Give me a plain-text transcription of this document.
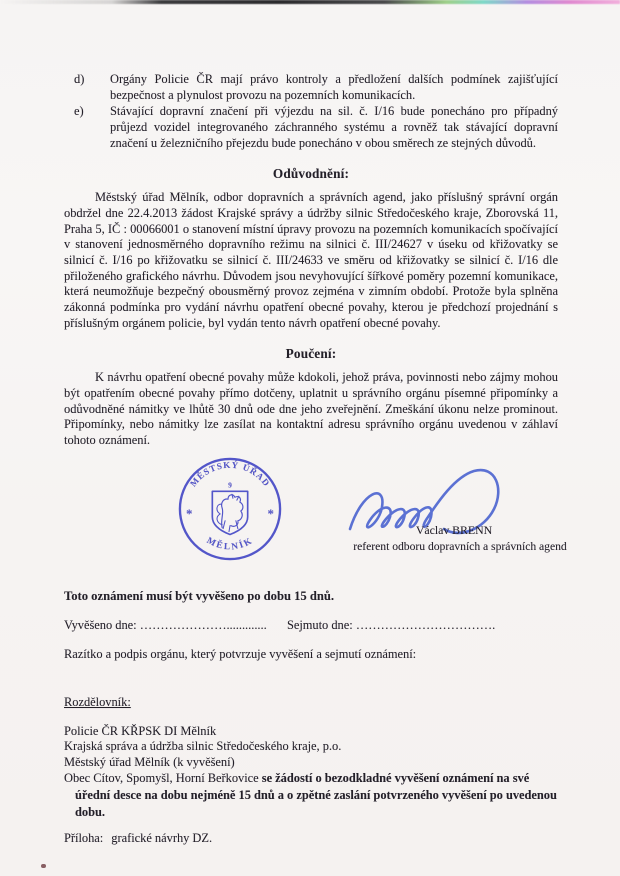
d) Orgány Policie ČR mají právo kontroly a předložení dalších podmínek zajišťující bezpečnost a plynulost provozu na pozemních komunikacích.
e) Stávající dopravní značení při výjezdu na sil. č. I/16 bude ponecháno pro případný průjezd vozidel integrovaného záchranného systému a rovněž tak stávající dopravní značení u železničního přejezdu bude ponecháno v obou směrech ze stejných důvodů.
Odůvodnění:

Městský úřad Mělník, odbor dopravních a správních agend, jako příslušný správní orgán obdržel dne 22.4.2013 žádost Krajské správy a údržby silnic Středočeského kraje, Zborovská 11, Praha 5, IČ : 00066001 o stanovení místní úpravy provozu na pozemních komunikacích spočívající v stanovení jednosměrného dopravního režimu na silnici č. III/24627 v úseku od křižovatky se silnicí č. I/16 po křižovatku se silnicí č. III/24633 ve směru od křižovatky se silnicí č. I/16 dle přiloženého grafického návrhu. Důvodem jsou nevyhovující šířkové poměry pozemní komunikace, která neumožňuje bezpečný obousměrný provoz zejména v zimním období. Protože byla splněna zákonná podmínka pro vydání návrhu opatření obecné povahy, kterou je předchozí projednání s příslušným orgánem policie, byl vydán tento návrh opatření obecné povahy.

Poučení:

K návrhu opatření obecné povahy může kdokoli, jehož práva, povinnosti nebo zájmy mohou být opatřením obecné povahy přímo dotčeny, uplatnit u správního orgánu písemné připomínky a odůvodněné námitky ve lhůtě 30 dnů ode dne jeho zveřejnění. Zmeškání úkonu nelze prominout. Připomínky, nebo námitky lze zasílat na kontaktní adresu správního orgánu uvedenou v záhlaví tohoto oznámení.

MĚSTSKÝ ÚŘAD
MĚLNÍK
9
*	*
Václav BRENN
referent odboru dopravních a správních agend

Toto oznámení musí být vyvěšeno po dobu 15 dnů.

Vyvěšeno dne: …………………............. Sejmuto dne: …………………………….

Razítko a podpis orgánu, který potvrzuje vyvěšení a sejmutí oznámení:

Rozdělovník:

Policie ČR KŘPSK DI Mělník

Krajská správa a údržba silnic Středočeského kraje, p.o.

Městský úřad Mělník (k vyvěšení)

Obec Cítov, Spomyšl, Horní Beřkovice se žádostí o bezodkladné vyvěšení oznámení na své úřední desce na dobu nejméně 15 dnů a o zpětné zaslání potvrzeného vyvěšení po uvedenou dobu.

Příloha: grafické návrhy DZ.
